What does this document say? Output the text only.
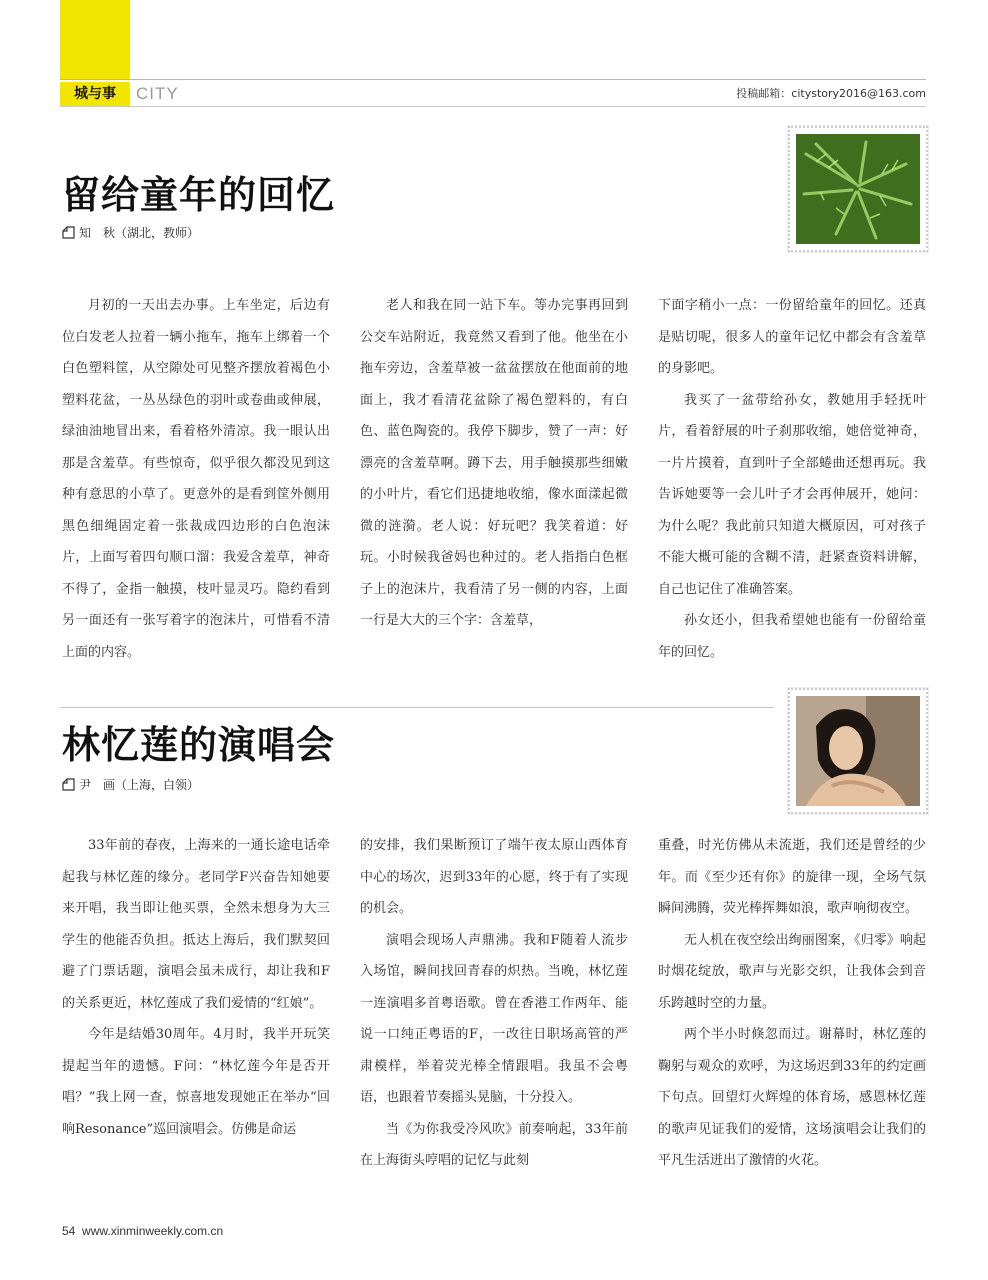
城与事	CITY	投稿邮箱：citystory2016@163.com
留给童年的回忆
知　秋（湖北，教师）

月初的一天出去办事。上车坐定，后边有位白发老人拉着一辆小拖车，拖车上绑着一个白色塑料筐，从空隙处可见整齐摆放着褐色小塑料花盆，一丛丛绿色的羽叶或卷曲或伸展，绿油油地冒出来，看着格外清凉。我一眼认出那是含羞草。有些惊奇，似乎很久都没见到这种有意思的小草了。更意外的是看到筐外侧用黑色细绳固定着一张裁成四边形的白色泡沫片，上面写着四句顺口溜：我爱含羞草，神奇不得了，金指一触摸，枝叶显灵巧。隐约看到另一面还有一张写着字的泡沫片，可惜看不清上面的内容。

老人和我在同一站下车。等办完事再回到公交车站附近，我竟然又看到了他。他坐在小拖车旁边，含羞草被一盆盆摆放在他面前的地面上，我才看清花盆除了褐色塑料的，有白色、蓝色陶瓷的。我停下脚步，赞了一声：好漂亮的含羞草啊。蹲下去，用手触摸那些细嫩的小叶片，看它们迅捷地收缩，像水面漾起微微的涟漪。老人说：好玩吧？我笑着道：好玩。小时候我爸妈也种过的。老人指指白色框子上的泡沫片，我看清了另一侧的内容，上面一行是大大的三个字：含羞草，

下面字稍小一点：一份留给童年的回忆。还真是贴切呢，很多人的童年记忆中都会有含羞草的身影吧。

我买了一盆带给孙女，教她用手轻抚叶片，看着舒展的叶子刹那收缩，她倍觉神奇，一片片摸着，直到叶子全部蜷曲还想再玩。我告诉她要等一会儿叶子才会再伸展开，她问：为什么呢？我此前只知道大概原因，可对孩子不能大概可能的含糊不清，赶紧查资料讲解，自己也记住了准确答案。

孙女还小，但我希望她也能有一份留给童年的回忆。

林忆莲的演唱会
尹　画（上海，白领）

33年前的春夜，上海来的一通长途电话牵起我与林忆莲的缘分。老同学F兴奋告知她要来开唱，我当即让他买票，全然未想身为大三学生的他能否负担。抵达上海后，我们默契回避了门票话题，演唱会虽未成行，却让我和F的关系更近，林忆莲成了我们爱情的“红娘”。

今年是结婚30周年。4月时，我半开玩笑提起当年的遗憾。F问：“林忆莲今年是否开唱？”我上网一查，惊喜地发现她正在举办“回响Resonance”巡回演唱会。仿佛是命运

的安排，我们果断预订了端午夜太原山西体育中心的场次，迟到33年的心愿，终于有了实现的机会。

演唱会现场人声鼎沸。我和F随着人流步入场馆，瞬间找回青春的炽热。当晚，林忆莲一连演唱多首粤语歌。曾在香港工作两年、能说一口纯正粤语的F，一改往日职场高管的严肃模样，举着荧光棒全情跟唱。我虽不会粤语，也跟着节奏摇头晃脑，十分投入。

当《为你我受冷风吹》前奏响起，33年前在上海街头哼唱的记忆与此刻

重叠，时光仿佛从未流逝，我们还是曾经的少年。而《至少还有你》的旋律一现，全场气氛瞬间沸腾，荧光棒挥舞如浪，歌声响彻夜空。

无人机在夜空绘出绚丽图案，《归零》响起时烟花绽放，歌声与光影交织，让我体会到音乐跨越时空的力量。

两个半小时倏忽而过。谢幕时，林忆莲的鞠躬与观众的欢呼，为这场迟到33年的约定画下句点。回望灯火辉煌的体育场，感恩林忆莲的歌声见证我们的爱情，这场演唱会让我们的平凡生活迸出了激情的火花。

54 www.xinminweekly.com.cn
